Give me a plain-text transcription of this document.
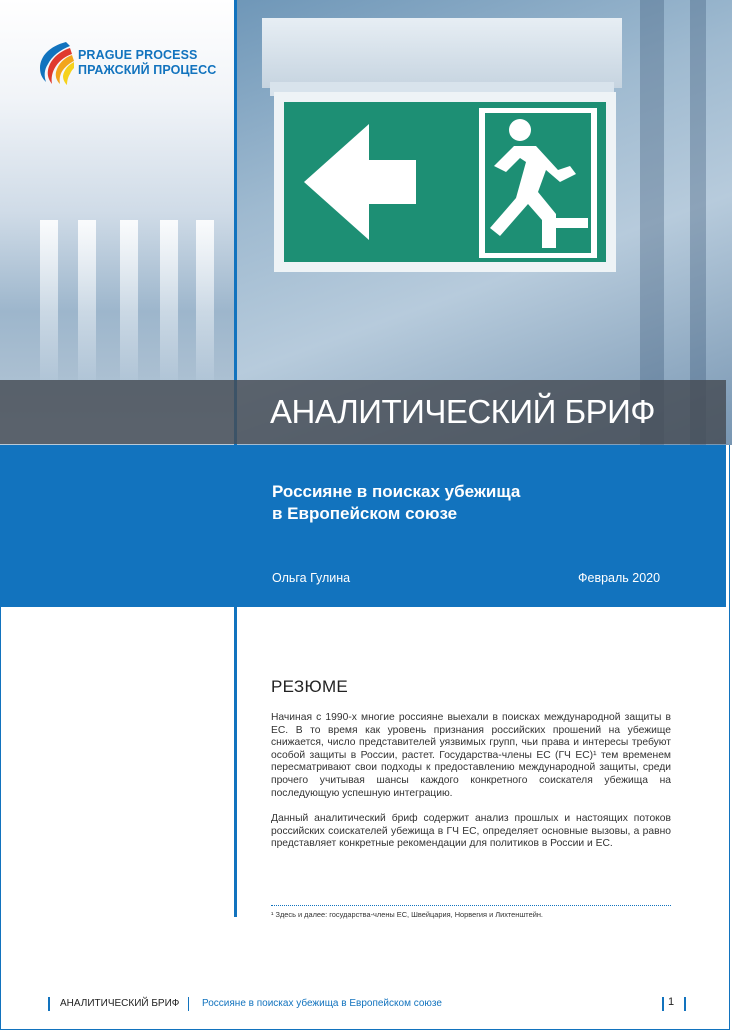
PRAGUE PROCESS
ПРАЖСКИЙ ПРОЦЕСС
АНАЛИТИЧЕСКИЙ БРИФ
Россияне в поисках убежища
в Европейском союзе
Ольга Гулина	Февраль 2020
РЕЗЮМЕ

Начиная с 1990-х многие россияне выехали в поисках международной защиты в ЕС. В то время как уровень признания российских прошений на убежище снижается, число представителей уязвимых групп, чьи права и интересы требуют особой защиты в России, растет. Государства-члены ЕС (ГЧ ЕС)¹ тем временем пересматривают свои подходы к предоставлению международной защиты, среди прочего учитывая шансы каждого конкретного соискателя убежища на последующую успешную интеграцию.

Данный аналитический бриф содержит анализ прошлых и настоящих потоков российских соискателей убежища в ГЧ ЕС, определяет основные вызовы, а равно представляет конкретные рекомендации для политиков в России и ЕС.

¹ Здесь и далее: государства-члены ЕС, Швейцария, Норвегия и Лихтенштейн.
АНАЛИТИЧЕСКИЙ БРИФ Россияне в поисках убежища в Европейском союзе	1
